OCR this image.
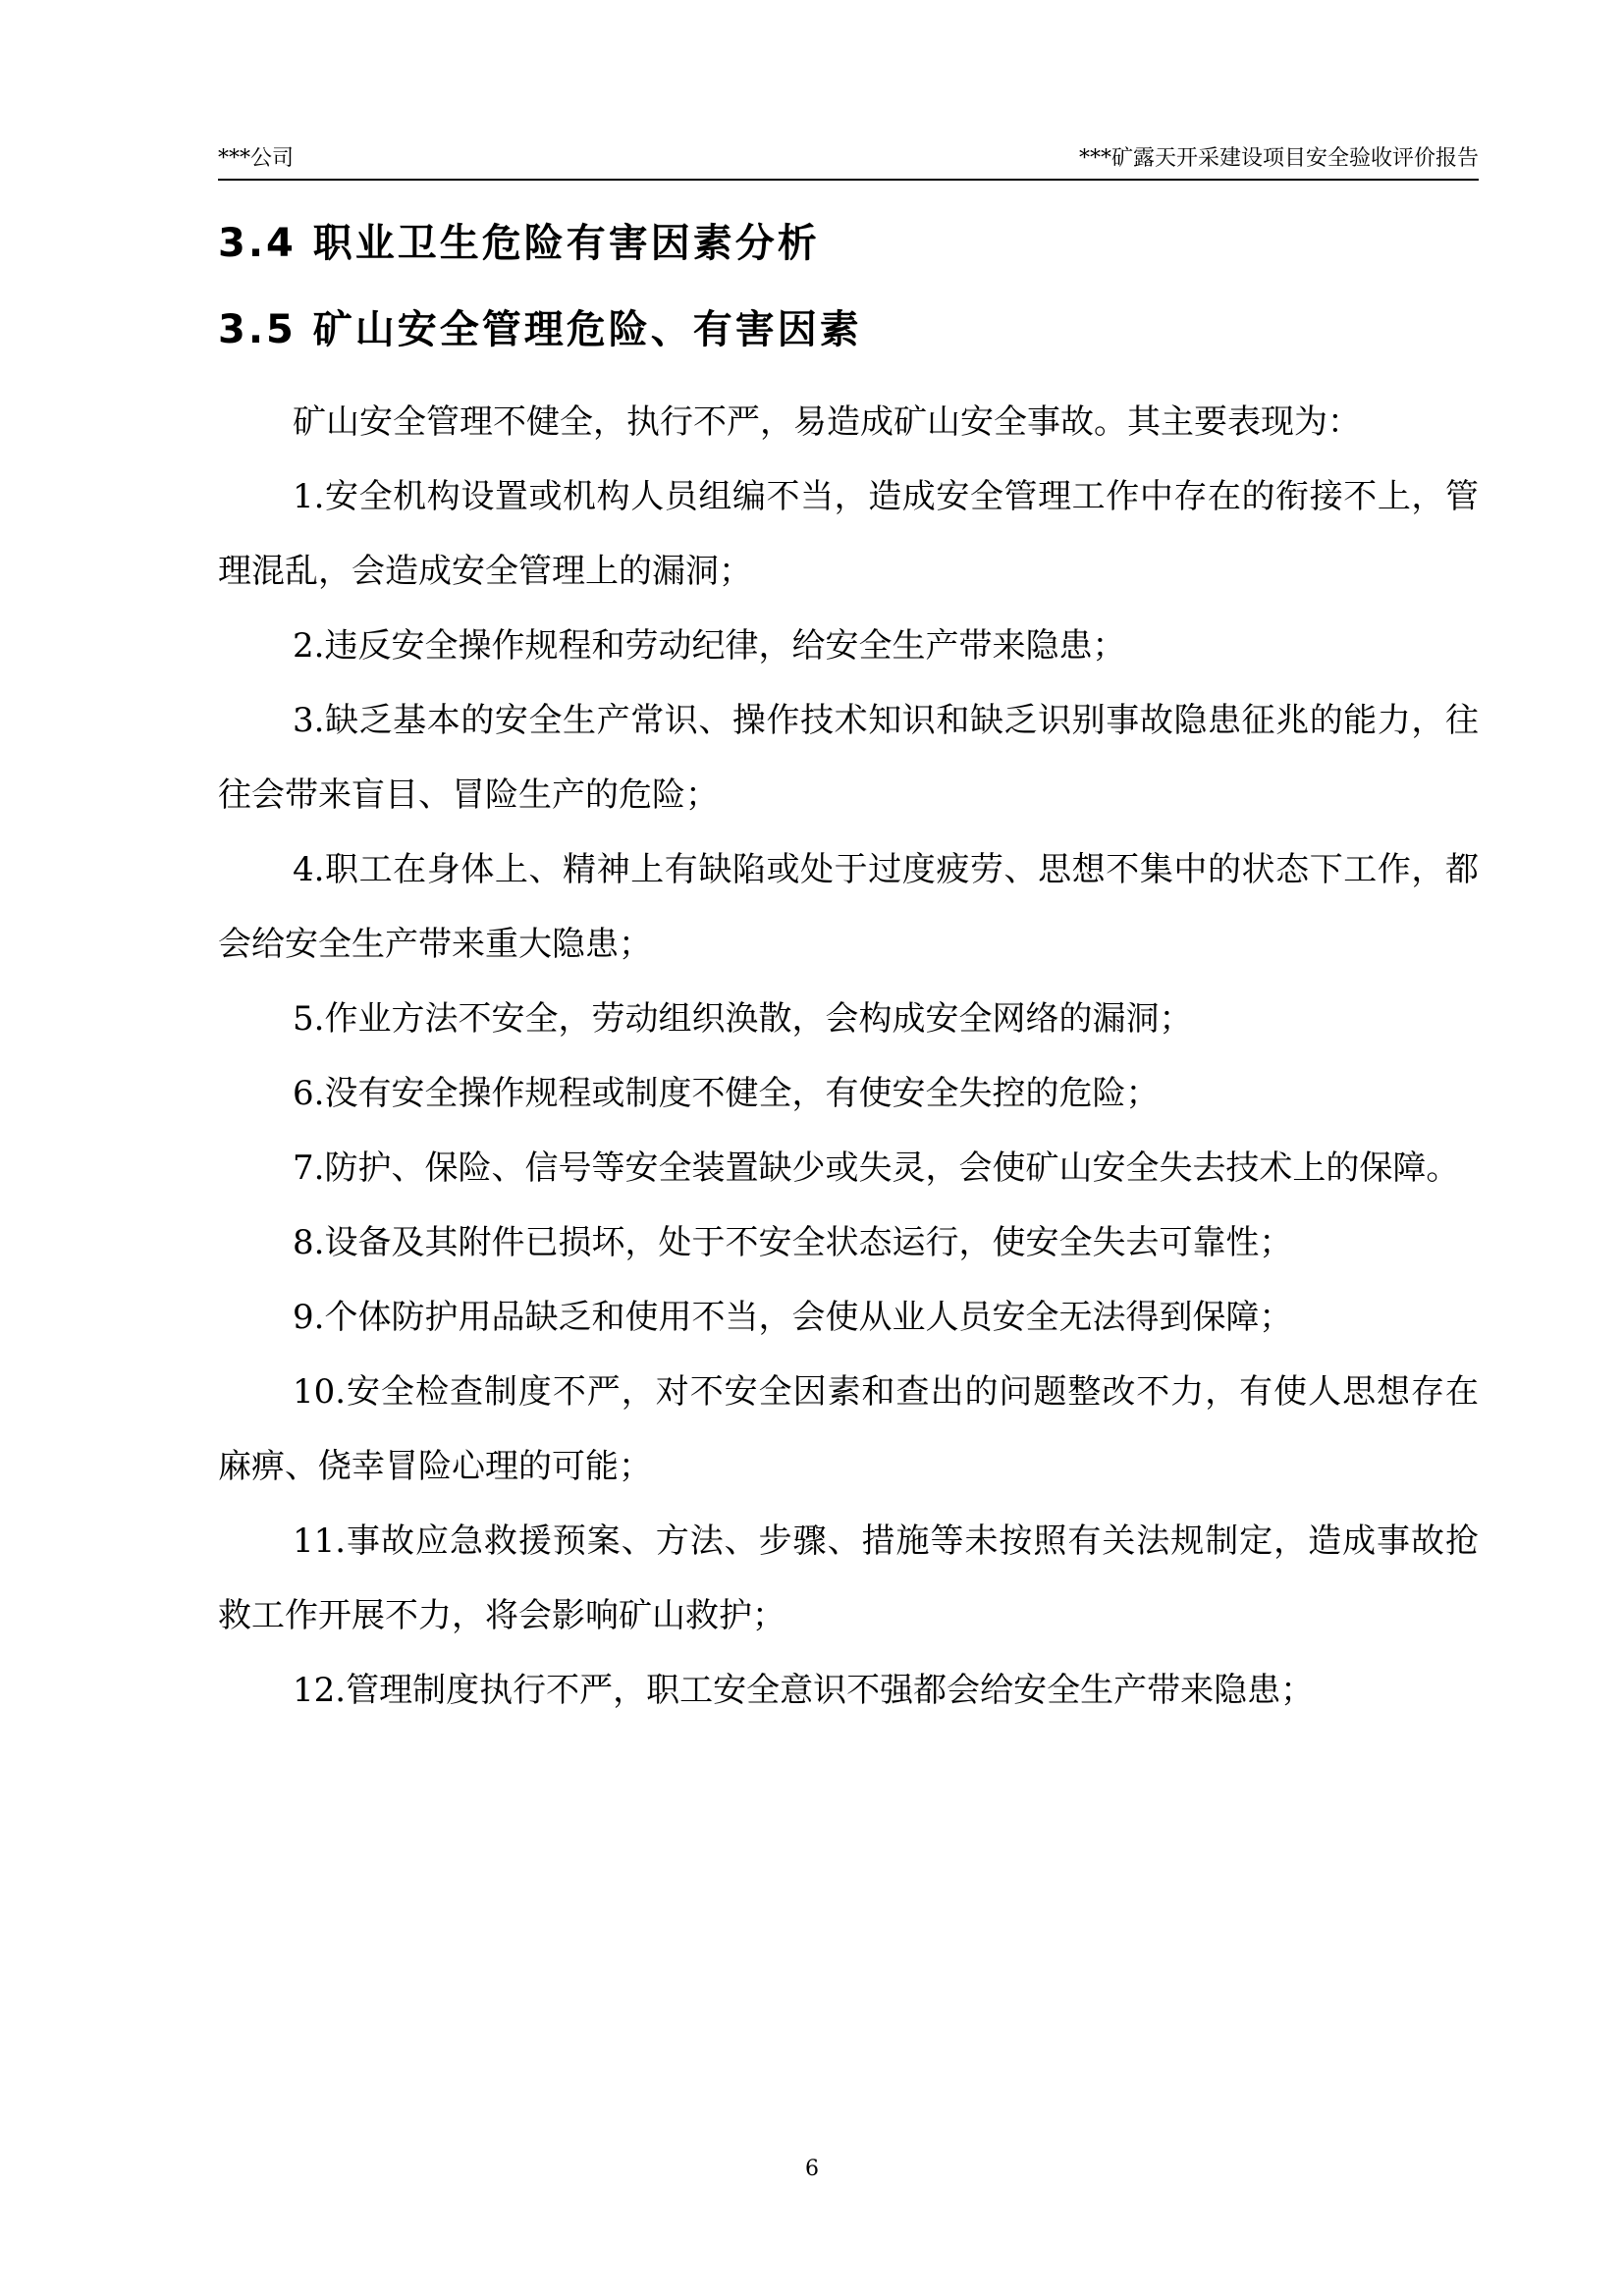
***公司	***矿露天开采建设项目安全验收评价报告
3.4 职业卫生危险有害因素分析
3.5 矿山安全管理危险、有害因素

矿山安全管理不健全，执行不严，易造成矿山安全事故。其主要表现为：

1.安全机构设置或机构人员组编不当，造成安全管理工作中存在的衔接不上，管理混乱，会造成安全管理上的漏洞；

2.违反安全操作规程和劳动纪律，给安全生产带来隐患；

3.缺乏基本的安全生产常识、操作技术知识和缺乏识别事故隐患征兆的能力，往往会带来盲目、冒险生产的危险；

4.职工在身体上、精神上有缺陷或处于过度疲劳、思想不集中的状态下工作，都会给安全生产带来重大隐患；

5.作业方法不安全，劳动组织涣散，会构成安全网络的漏洞；

6.没有安全操作规程或制度不健全，有使安全失控的危险；

7.防护、保险、信号等安全装置缺少或失灵，会使矿山安全失去技术上的保障。

8.设备及其附件已损坏，处于不安全状态运行，使安全失去可靠性；

9.个体防护用品缺乏和使用不当，会使从业人员安全无法得到保障；

10.安全检查制度不严，对不安全因素和查出的问题整改不力，有使人思想存在麻痹、侥幸冒险心理的可能；

11.事故应急救援预案、方法、步骤、措施等未按照有关法规制定，造成事故抢救工作开展不力，将会影响矿山救护；

12.管理制度执行不严，职工安全意识不强都会给安全生产带来隐患；

6
